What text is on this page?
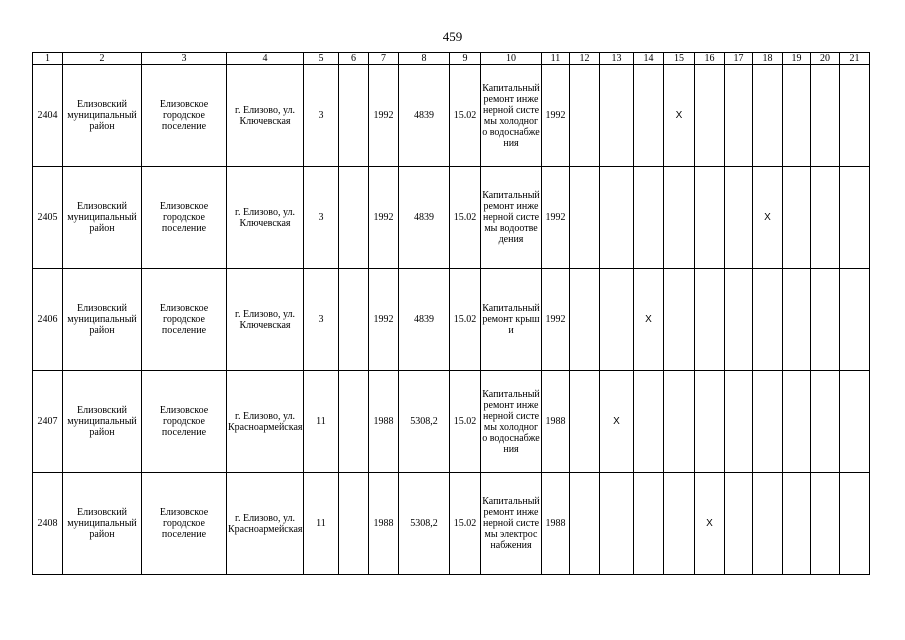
459
1	2	3	4	5	6	7	8	9	10	11	12	13	14	15	16	17	18	19	20	21
2404	Елизовский муниципальный район	Елизовское городское поселение	г. Елизово, ул. Ключевская	3		1992	4839	15.02	Капитальный ремонт инженерной системы холодного водоснабжения	1992				X						
2405	Елизовский муниципальный район	Елизовское городское поселение	г. Елизово, ул. Ключевская	3		1992	4839	15.02	Капитальный ремонт инженерной системы водоотведения	1992							X			
2406	Елизовский муниципальный район	Елизовское городское поселение	г. Елизово, ул. Ключевская	3		1992	4839	15.02	Капитальный ремонт крыши	1992			X							
2407	Елизовский муниципальный район	Елизовское городское поселение	г. Елизово, ул. Красноармейская	11		1988	5308,2	15.02	Капитальный ремонт инженерной системы холодного водоснабжения	1988		X								
2408	Елизовский муниципальный район	Елизовское городское поселение	г. Елизово, ул. Красноармейская	11		1988	5308,2	15.02	Капитальный ремонт инженерной системы электроснабжения	1988					X					
